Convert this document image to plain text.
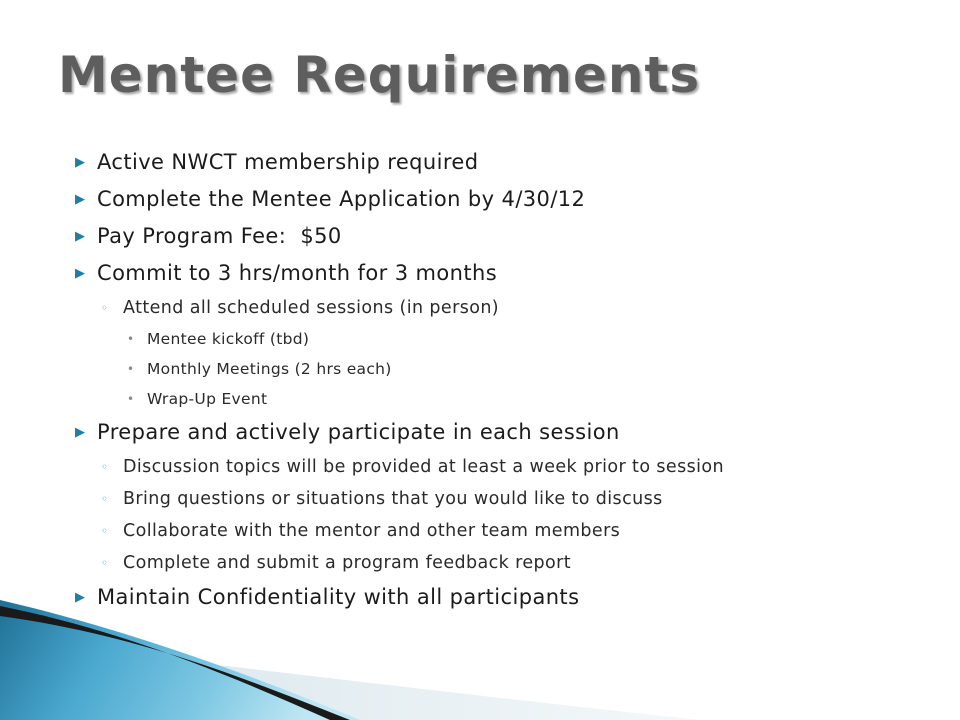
Mentee Requirements
▶ Active NWCT membership required
▶ Complete the Mentee Application by 4/30/12
▶ Pay Program Fee:  $50
▶ Commit to 3 hrs/month for 3 months
◦ Attend all scheduled sessions (in person)
• Mentee kickoff (tbd)
• Monthly Meetings (2 hrs each)
• Wrap-Up Event
▶ Prepare and actively participate in each session
◦ Discussion topics will be provided at least a week prior to session
◦ Bring questions or situations that you would like to discuss
◦ Collaborate with the mentor and other team members
◦ Complete and submit a program feedback report
▶ Maintain Confidentiality with all participants
